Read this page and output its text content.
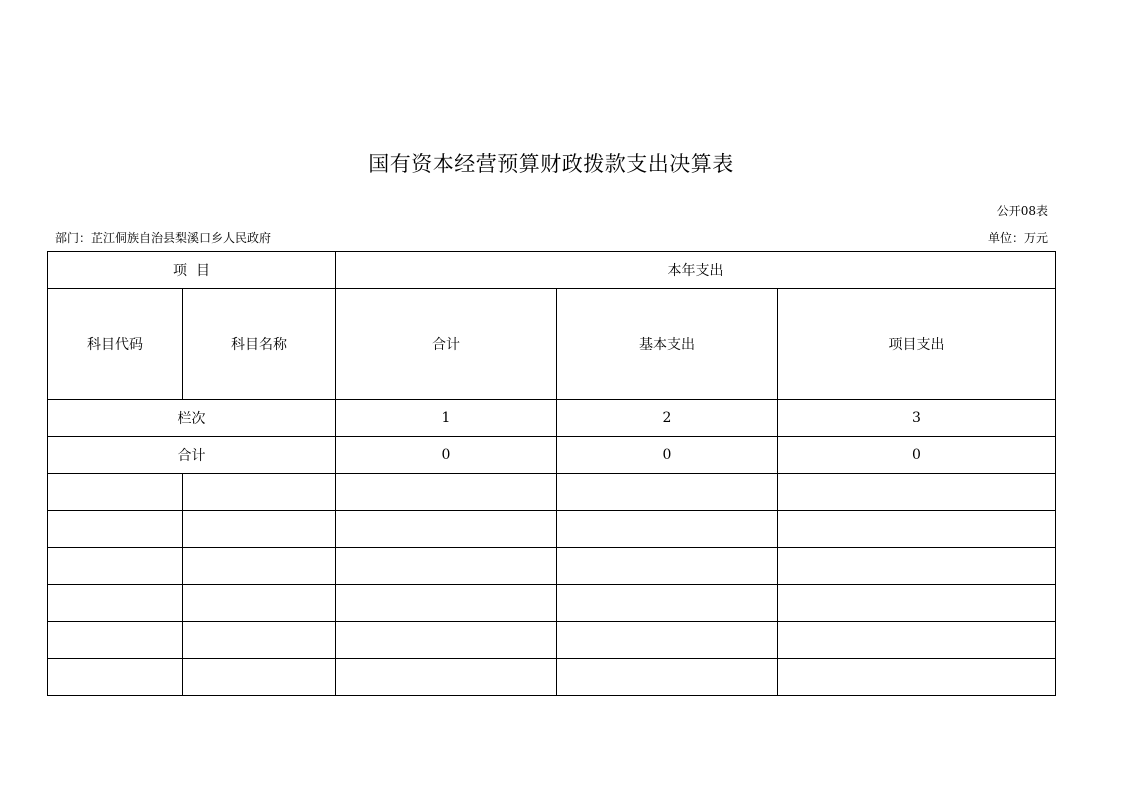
国有资本经营预算财政拨款支出决算表
公开08表
部门：芷江侗族自治县梨溪口乡人民政府	单位：万元
项  目		本年支出		
科目代码	科目名称	合计	基本支出	项目支出
栏次		1	2	3
合计		0	0	0
